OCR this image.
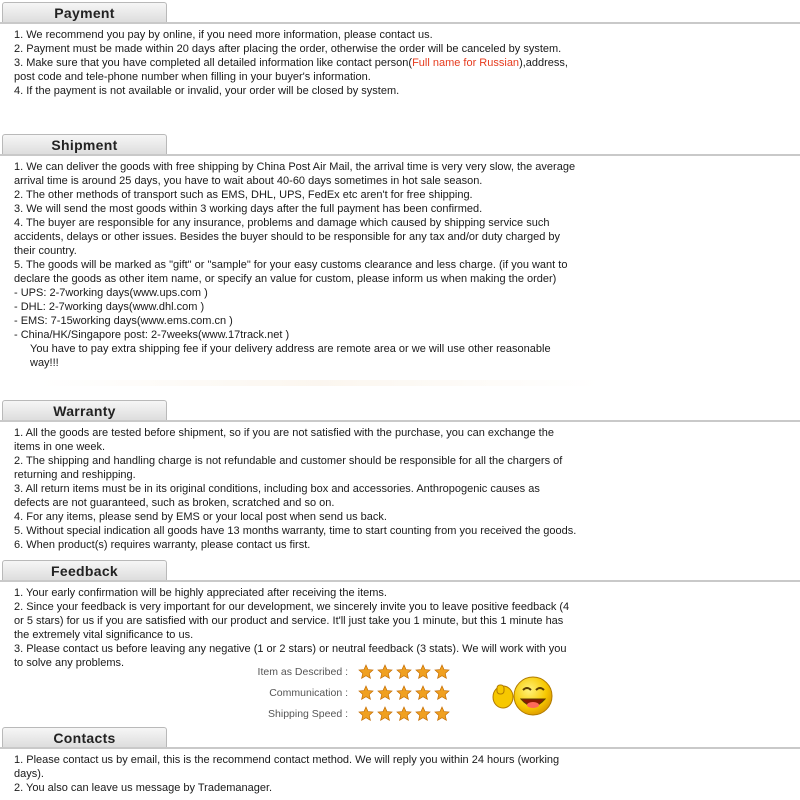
Payment
1. We recommend you pay by online, if you need more information, please contact us.
2. Payment must be made within 20 days after placing the order, otherwise the order will be canceled by system.
3. Make sure that you have completed all detailed information like contact person(Full name for Russian),address,
post code and tele-phone number when filling in your buyer's information.
4. If the payment is not available or invalid, your order will be closed by system.
Shipment
1. We can deliver the goods with free shipping by China Post Air Mail, the arrival time is very very slow, the average
arrival time is around 25 days, you have to wait about 40-60 days sometimes in hot sale season.
2. The other methods of transport such as EMS, DHL, UPS, FedEx etc aren't for free shipping.
3. We will send the most goods within 3 working days after the full payment has been confirmed.
4. The buyer are responsible for any insurance, problems and damage which caused by shipping service such
accidents, delays or other issues. Besides the buyer should to be responsible for any tax and/or duty charged by
their country.
5. The goods will be marked as "gift" or "sample" for your easy customs clearance and less charge. (if you want to
declare the goods as other item name, or specify an value for custom, please inform us when making the order)
- UPS: 2-7working days(www.ups.com )
- DHL: 2-7working days(www.dhl.com )
- EMS: 7-15working days(www.ems.com.cn )
- China/HK/Singapore post: 2-7weeks(www.17track.net )
You have to pay extra shipping fee if your delivery address are remote area or we will use other reasonable
way!!!
Warranty
1. All the goods are tested before shipment, so if you are not satisfied with the purchase, you can exchange the
items in one week.
2. The shipping and handling charge is not refundable and customer should be responsible for all the chargers of
returning and reshipping.
3. All return items must be in its original conditions, including box and accessories. Anthropogenic causes as
defects are not guaranteed, such as broken, scratched and so on.
4. For any items, please send by EMS or your local post when send us back.
5. Without special indication all goods have 13 months warranty, time to start counting from you received the goods.
6. When product(s) requires warranty, please contact us first.
Feedback
1. Your early confirmation will be highly appreciated after receiving the items.
2. Since your feedback is very important for our development, we sincerely invite you to leave positive feedback (4
or 5 stars) for us if you are satisfied with our product and service. It'll just take you 1 minute, but this 1 minute has
the extremely vital significance to us.
3. Please contact us before leaving any negative (1 or 2 stars) or neutral feedback (3 stats). We will work with you
to solve any problems.
Item as Described :
Communication :
Shipping Speed :
Contacts
1. Please contact us by email, this is the recommend contact method. We will reply you within 24 hours (working
days).
2. You also can leave us message by Trademanager.
